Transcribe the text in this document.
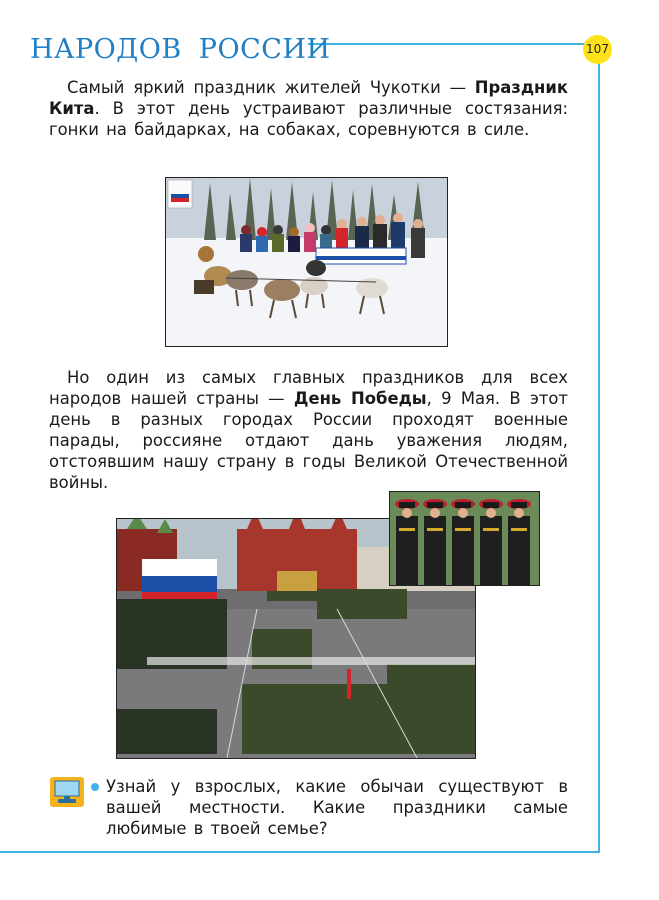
НАРОДОВ РОССИИ	107

Самый яркий праздник жителей Чукотки — Праздник Кита. В этот день устраивают различные состязания: гонки на байдарках, на собаках, соревнуются в силе.

Но один из самых главных праздников для всех народов нашей страны — День Победы, 9 Мая. В этот день в разных городах России проходят военные парады, россияне отдают дань уважения людям, отстоявшим нашу страну в годы Великой Отечественной войны.

Узнай у взрослых, какие обычаи существуют в вашей местности. Какие праздники самые любимые в твоей семье?
